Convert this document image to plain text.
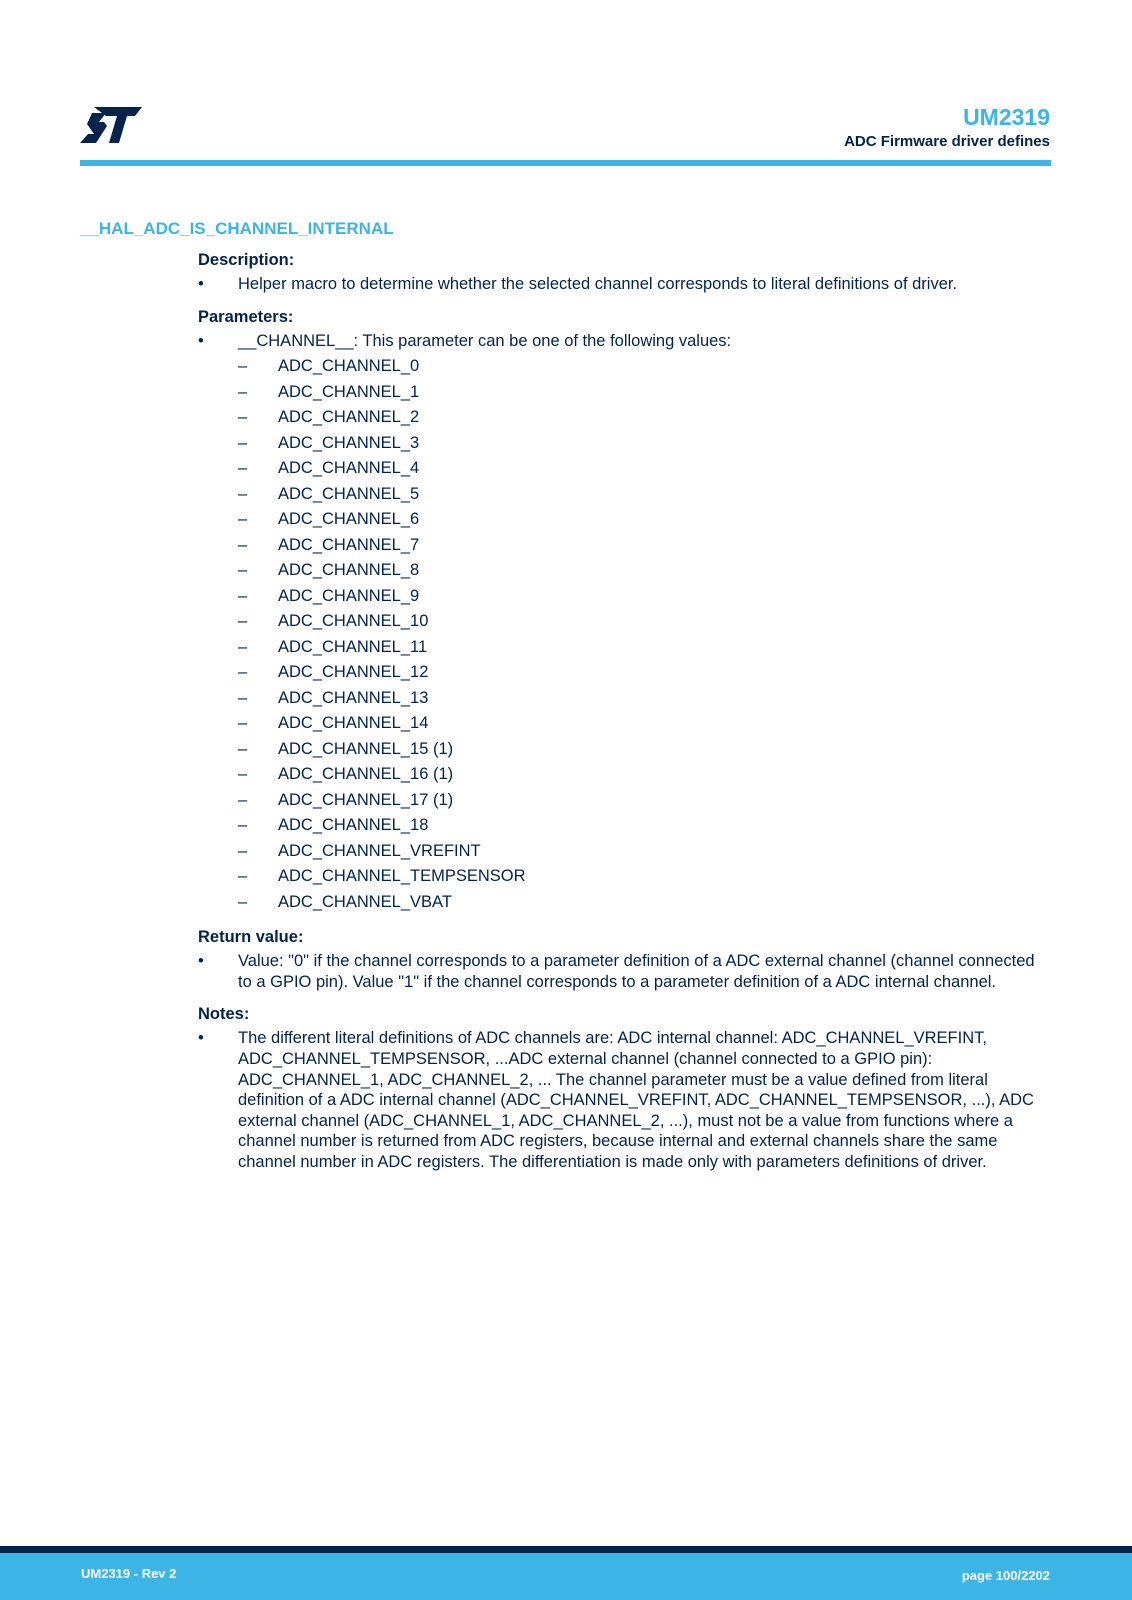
UM2319
ADC Firmware driver defines
__HAL_ADC_IS_CHANNEL_INTERNAL
Description:
• Helper macro to determine whether the selected channel corresponds to literal definitions of driver.
Parameters:
• __CHANNEL__: This parameter can be one of the following values:
– ADC_CHANNEL_0
– ADC_CHANNEL_1
– ADC_CHANNEL_2
– ADC_CHANNEL_3
– ADC_CHANNEL_4
– ADC_CHANNEL_5
– ADC_CHANNEL_6
– ADC_CHANNEL_7
– ADC_CHANNEL_8
– ADC_CHANNEL_9
– ADC_CHANNEL_10
– ADC_CHANNEL_11
– ADC_CHANNEL_12
– ADC_CHANNEL_13
– ADC_CHANNEL_14
– ADC_CHANNEL_15 (1)
– ADC_CHANNEL_16 (1)
– ADC_CHANNEL_17 (1)
– ADC_CHANNEL_18
– ADC_CHANNEL_VREFINT
– ADC_CHANNEL_TEMPSENSOR
– ADC_CHANNEL_VBAT
Return value:
• Value: "0" if the channel corresponds to a parameter definition of a ADC external channel (channel connected to a GPIO pin). Value "1" if the channel corresponds to a parameter definition of a ADC internal channel.
Notes:
• The different literal definitions of ADC channels are: ADC internal channel: ADC_CHANNEL_VREFINT, ADC_CHANNEL_TEMPSENSOR, ...ADC external channel (channel connected to a GPIO pin): ADC_CHANNEL_1, ADC_CHANNEL_2, ... The channel parameter must be a value defined from literal definition of a ADC internal channel (ADC_CHANNEL_VREFINT, ADC_CHANNEL_TEMPSENSOR, ...), ADC external channel (ADC_CHANNEL_1, ADC_CHANNEL_2, ...), must not be a value from functions where a channel number is returned from ADC registers, because internal and external channels share the same channel number in ADC registers. The differentiation is made only with parameters definitions of driver.
UM2319 - Rev 2	page 100/2202
